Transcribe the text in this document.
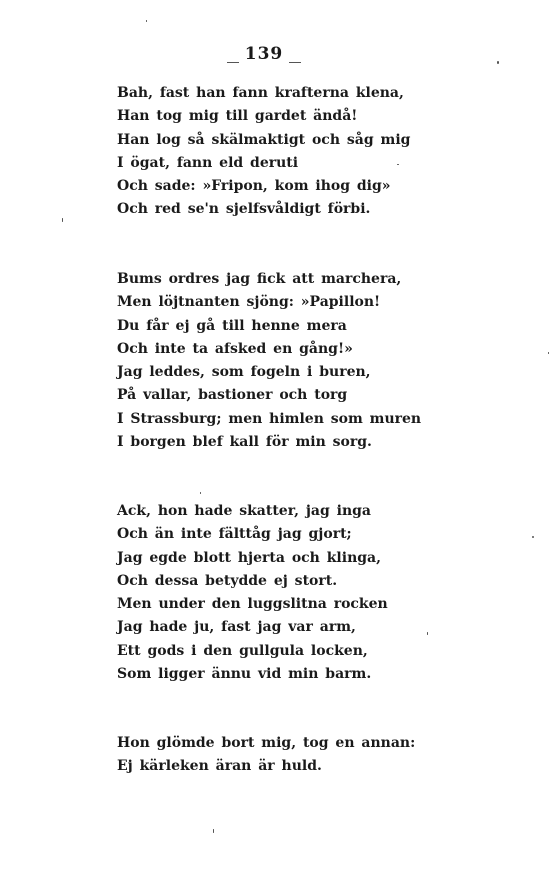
139
Bah, fast han fann krafterna klena,
Han tog mig till gardet ändå!
Han log så skälmaktigt och såg mig
I ögat, fann eld deruti
Och sade: »Fripon, kom ihog dig»
Och red se'n sjelfsvåldigt förbi.
Bums ordres jag fick att marchera,
Men löjtnanten sjöng: »Papillon!
Du får ej gå till henne mera
Och inte ta afsked en gång!»
Jag leddes, som fogeln i buren,
På vallar, bastioner och torg
I Strassburg; men himlen som muren
I borgen blef kall för min sorg.
Ack, hon hade skatter, jag inga
Och än inte fälttåg jag gjort;
Jag egde blott hjerta och klinga,
Och dessa betydde ej stort.
Men under den luggslitna rocken
Jag hade ju, fast jag var arm,
Ett gods i den gullgula locken,
Som ligger ännu vid min barm.
Hon glömde bort mig, tog en annan:
Ej kärleken äran är huld.
